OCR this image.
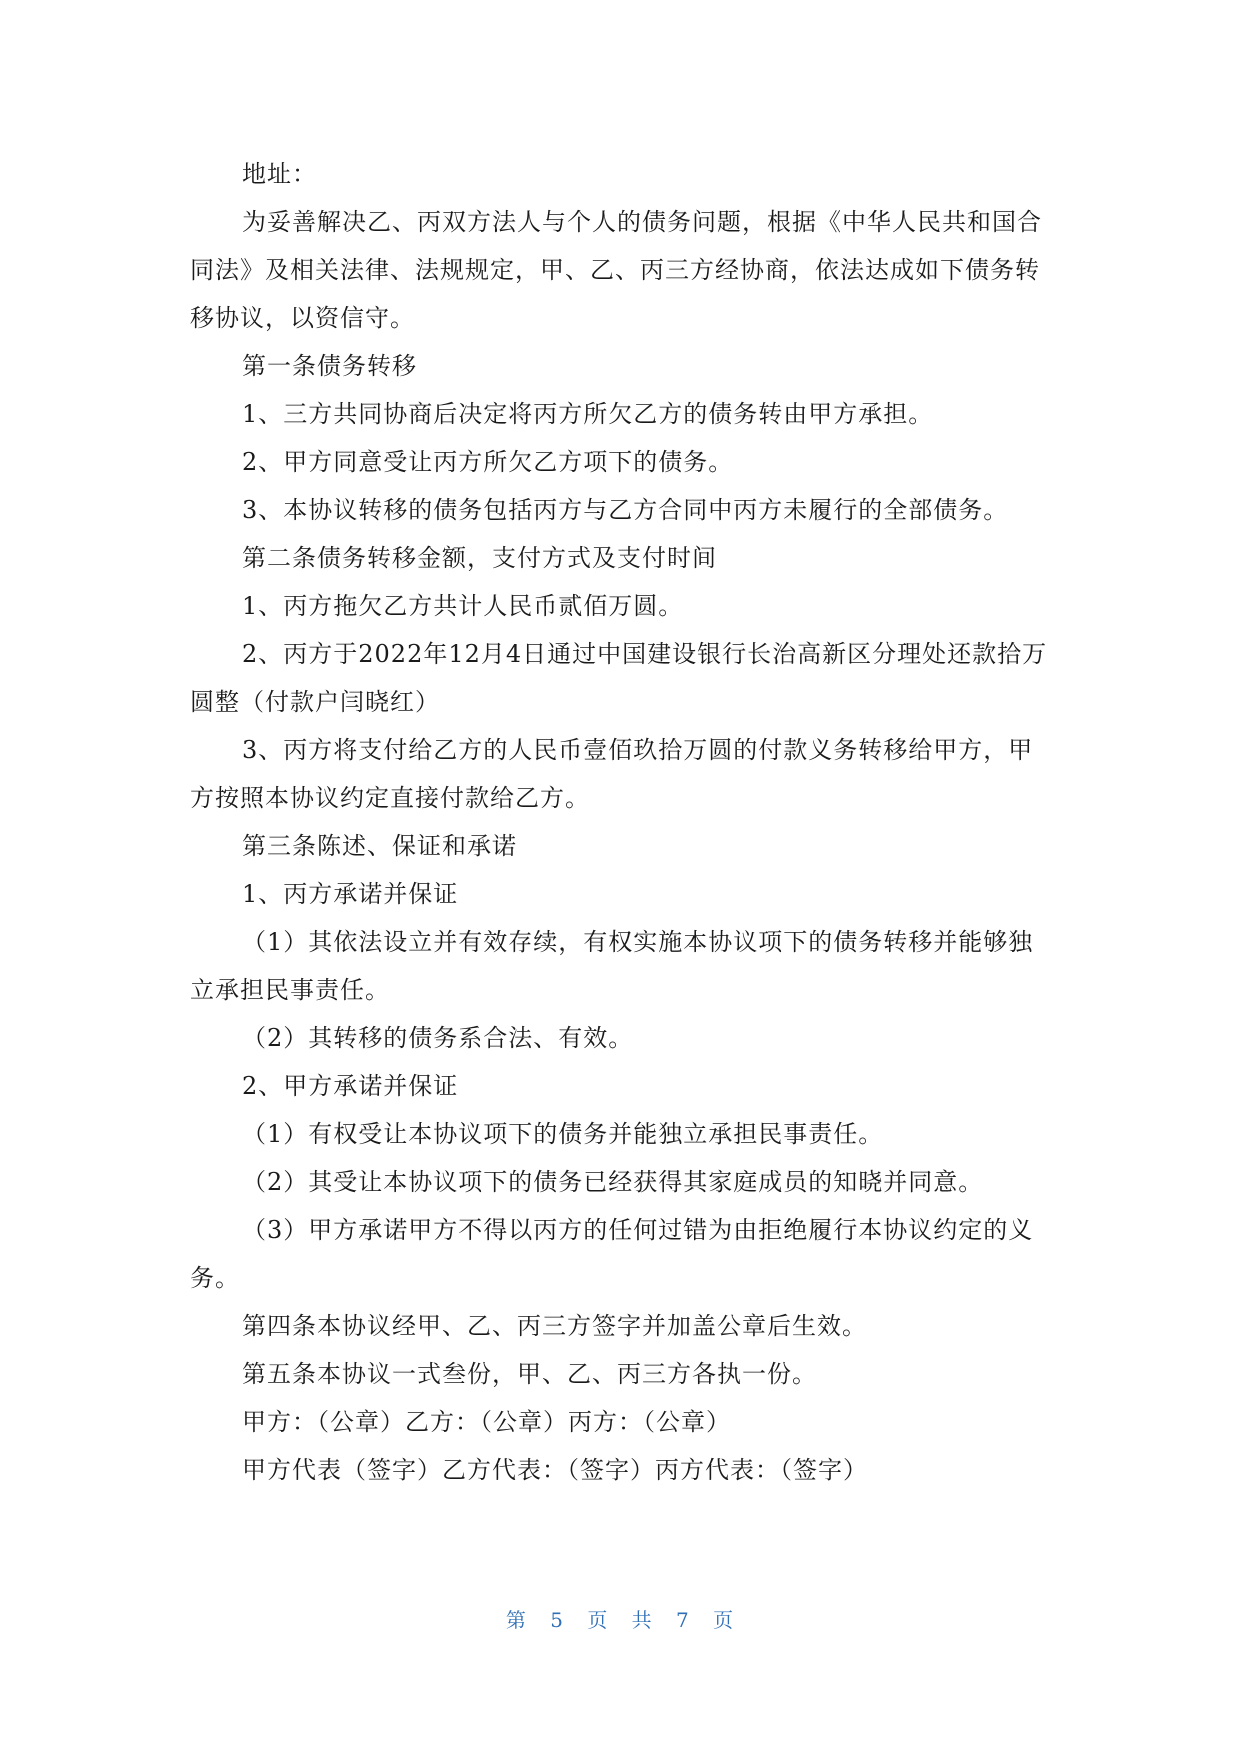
地址：

为妥善解决乙、丙双方法人与个人的债务问题，根据《中华人民共和国合同法》及相关法律、法规规定，甲、乙、丙三方经协商，依法达成如下债务转移协议，以资信守。

第一条债务转移

1、三方共同协商后决定将丙方所欠乙方的债务转由甲方承担。

2、甲方同意受让丙方所欠乙方项下的债务。

3、本协议转移的债务包括丙方与乙方合同中丙方未履行的全部债务。

第二条债务转移金额，支付方式及支付时间

1、丙方拖欠乙方共计人民币贰佰万圆。

2、丙方于2022年12月4日通过中国建设银行长治高新区分理处还款拾万圆整（付款户闫晓红）

3、丙方将支付给乙方的人民币壹佰玖拾万圆的付款义务转移给甲方，甲方按照本协议约定直接付款给乙方。

第三条陈述、保证和承诺

1、丙方承诺并保证

（1）其依法设立并有效存续，有权实施本协议项下的债务转移并能够独立承担民事责任。

（2）其转移的债务系合法、有效。

2、甲方承诺并保证

（1）有权受让本协议项下的债务并能独立承担民事责任。

（2）其受让本协议项下的债务已经获得其家庭成员的知晓并同意。

（3）甲方承诺甲方不得以丙方的任何过错为由拒绝履行本协议约定的义务。

第四条本协议经甲、乙、丙三方签字并加盖公章后生效。

第五条本协议一式叁份，甲、乙、丙三方各执一份。

甲方：（公章）乙方：（公章）丙方：（公章）

甲方代表（签字）乙方代表：（签字）丙方代表：（签字）

第 5 页 共 7 页
